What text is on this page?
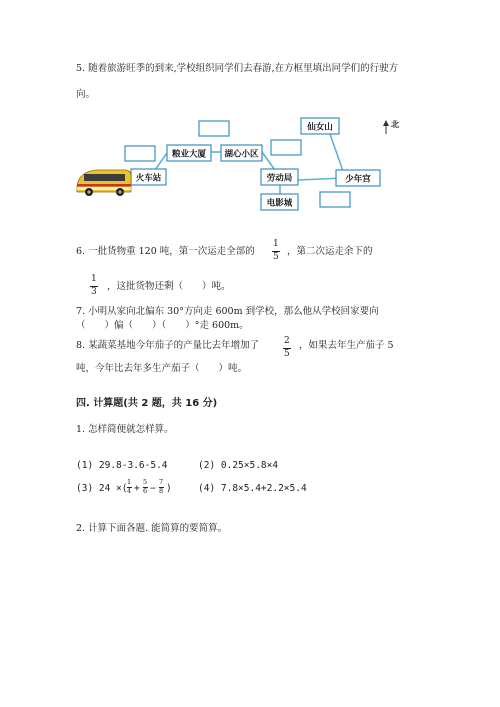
5. 随着旅游旺季的到来,学校组织同学们去春游,在方框里填出同学们的行驶方
向。
火车站
粮业大厦 湖心小区
劳动局
电影城
仙女山
少年宫
北
6. 一批货物重 120 吨，第一次运走全部的
1
5 ，第二次运走余下的
1
3 ，这批货物还剩（　　）吨。
7. 小明从家向北偏东 30°方向走 600m 到学校，那么他从学校回家要向
（　　）偏（　　）（　　）°走 600m。
8. 某蔬菜基地今年茄子的产量比去年增加了	2
5
，如果去年生产茄子 5
吨，今年比去年多生产茄子（　　）吨。
四. 计算题(共 2 题，共 16 分)
1. 怎样简便就怎样算。
(1) 29.8-3.6-5.4	(2) 0.25×5.8×4
(3) 24 ×(
1
4 +
5
6 −
7
8 )	(4) 7.8×5.4+2.2×5.4
2. 计算下面各题. 能简算的要简算。
